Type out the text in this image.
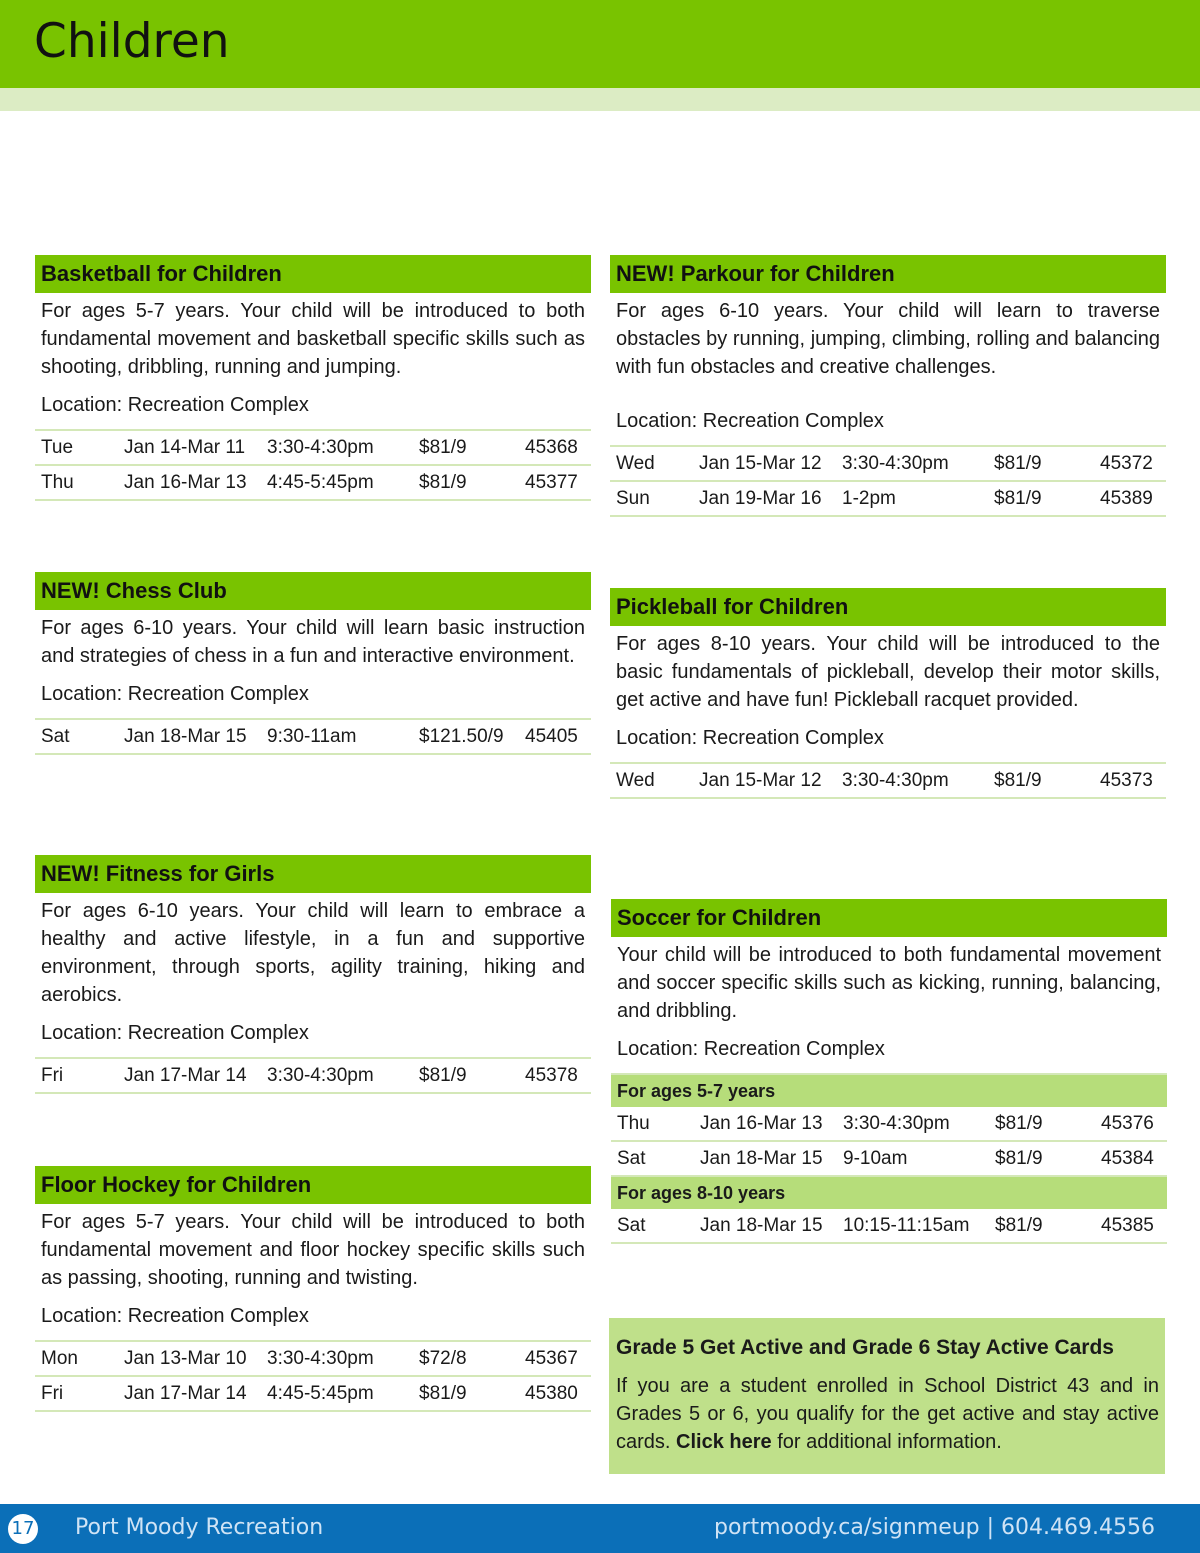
Children
Basketball for Children
For ages 5-7 years. Your child will be introduced to both fundamental movement and basketball specific skills such as shooting, dribbling, running and jumping.
Location: Recreation Complex
Tue	Jan 14-Mar 11	3:30-4:30pm	$81/9	45368
Thu	Jan 16-Mar 13	4:45-5:45pm	$81/9	45377
NEW! Parkour for Children
For ages 6-10 years. Your child will learn to traverse obstacles by running, jumping, climbing, rolling and balancing with fun obstacles and creative challenges.
Location: Recreation Complex
Wed	Jan 15-Mar 12	3:30-4:30pm	$81/9	45372
Sun	Jan 19-Mar 16	1-2pm	$81/9	45389
NEW! Chess Club
For ages 6-10 years. Your child will learn basic instruction and strategies of chess in a fun and interactive environment.
Location: Recreation Complex
Sat	Jan 18-Mar 15	9:30-11am	$121.50/9	45405
Pickleball for Children
For ages 8-10 years. Your child will be introduced to the basic fundamentals of pickleball, develop their motor skills, get active and have fun! Pickleball racquet provided.
Location: Recreation Complex
Wed	Jan 15-Mar 12	3:30-4:30pm	$81/9	45373
NEW! Fitness for Girls
For ages 6-10 years. Your child will learn to embrace a healthy and active lifestyle, in a fun and supportive environment, through sports, agility training, hiking and aerobics.
Location: Recreation Complex
Fri	Jan 17-Mar 14	3:30-4:30pm	$81/9	45378
Soccer for Children
Your child will be introduced to both fundamental movement and soccer specific skills such as kicking, running, balancing, and dribbling.
Location: Recreation Complex
For ages 5-7 years				
Thu	Jan 16-Mar 13	3:30-4:30pm	$81/9	45376
Sat	Jan 18-Mar 15	9-10am	$81/9	45384
For ages 8-10 years				
Sat	Jan 18-Mar 15	10:15-11:15am	$81/9	45385
Floor Hockey for Children
For ages 5-7 years. Your child will be introduced to both fundamental movement and floor hockey specific skills such as passing, shooting, running and twisting.
Location: Recreation Complex
Mon	Jan 13-Mar 10	3:30-4:30pm	$72/8	45367
Fri	Jan 17-Mar 14	4:45-5:45pm	$81/9	45380
Grade 5 Get Active and Grade 6 Stay Active Cards
If you are a student enrolled in School District 43 and in Grades 5 or 6, you qualify for the get active and stay active cards. Click here for additional information.
17 Port Moody Recreation	portmoody.ca/signmeup | 604.469.4556
